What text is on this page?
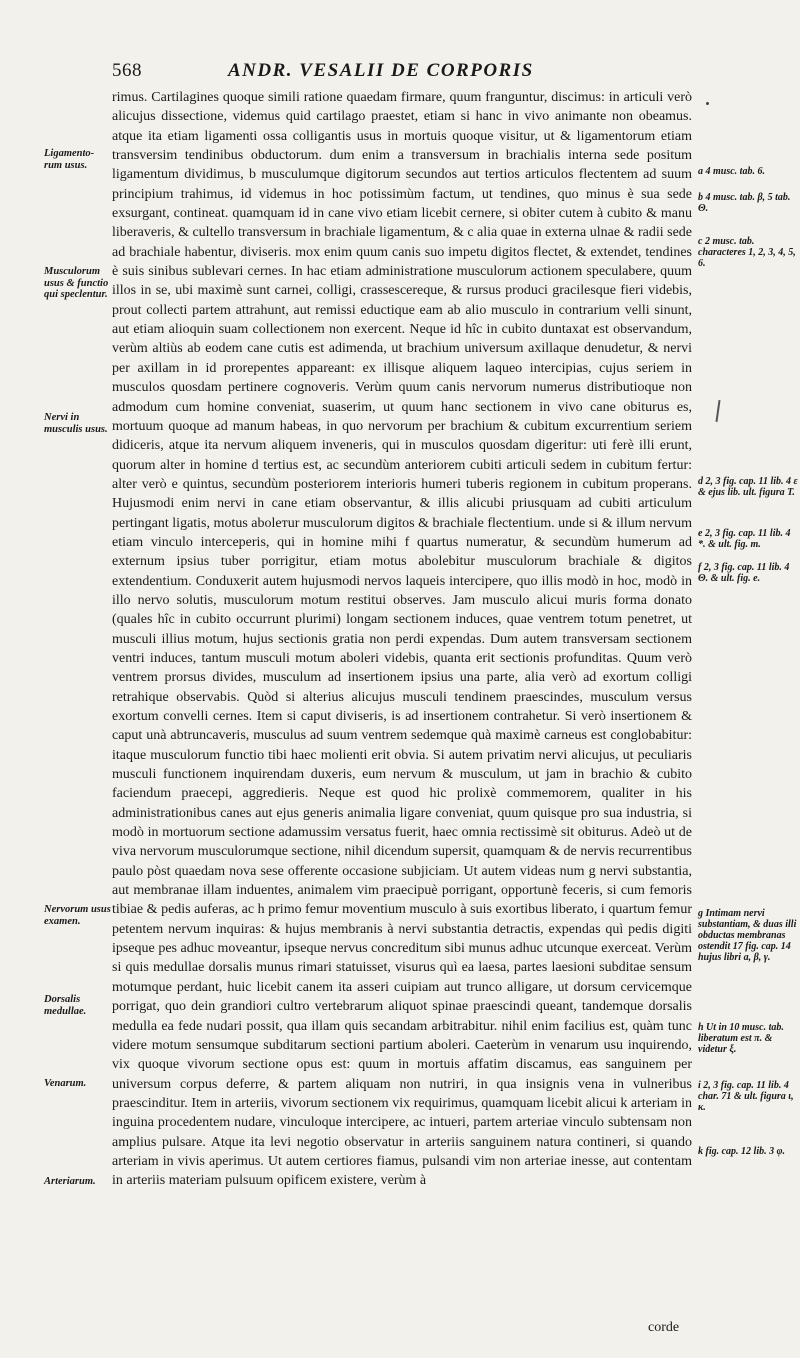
568	ANDR. VESALII DE CORPORIS

rimus. Cartilagines quoque simili ratione quaedam firmare, quum franguntur, discimus: in articuli verò alicujus dissectione, videmus quid cartilago praestet, etiam si hanc in vivo animante non obeamus. atque ita etiam ligamenti ossa colligantis usus in mortuis quoque visitur, ut & ligamentorum etiam transversim tendinibus obductorum. dum enim a transversum in brachialis interna sede positum ligamentum dividimus, b musculumque digitorum secundos aut tertios articulos flectentem ad suum principium trahimus, id videmus in hoc potissimùm factum, ut tendines, quo minus è sua sede exsurgant, contineat. quamquam id in cane vivo etiam licebit cernere, si obiter cutem à cubito & manu liberaveris, & cultello transversum in brachiale ligamentum, & c alia quae in externa ulnae & radii sede ad brachiale habentur, diviseris. mox enim quum canis suo impetu digitos flectet, & extendet, tendines è suis sinibus sublevari cernes. In hac etiam administratione musculorum actionem speculabere, quum illos in se, ubi maximè sunt carnei, colligi, crassescereque, & rursus produci gracilesque fieri videbis, prout collecti partem attrahunt, aut remissi eductique eam ab alio musculo in contrarium velli sinunt, aut etiam alioquin suam collectionem non exercent. Neque id hîc in cubito duntaxat est observandum, verùm altiùs ab eodem cane cutis est adimenda, ut brachium universum axillaque denudetur, & nervi per axillam in id prorepentes appareant: ex illisque aliquem laqueo intercipias, cujus seriem in musculos quosdam pertinere cognoveris. Verùm quum canis nervorum numerus distributioque non admodum cum homine conveniat, suaserim, ut quum hanc sectionem in vivo cane obiturus es, mortuum quoque ad manum habeas, in quo nervorum per brachium & cubitum excurrentium seriem didiceris, atque ita nervum aliquem inveneris, qui in musculos quosdam digeritur: uti ferè illi erunt, quorum alter in homine d tertius est, ac secundùm anteriorem cubiti articuli sedem in cubitum fertur: alter verò e quintus, secundùm posteriorem interioris humeri tuberis regionem in cubitum properans. Hujusmodi enim nervi in cane etiam observantur, & illis alicubi priusquam ad cubiti articulum pertingant ligatis, motus abolетur musculorum digitos & brachiale flectentium. unde si & illum nervum etiam vinculo interceperis, qui in homine mihi f quartus numeratur, & secundùm humerum ad externum ipsius tuber porrigitur, etiam motus abolebitur musculorum brachiale & digitos extendentium. Conduxerit autem hujusmodi nervos laqueis intercipere, quo illis modò in hoc, modò in illo nervo solutis, musculorum motum restitui observes. Jam musculo alicui muris forma donato (quales hîc in cubito occurrunt plurimi) longam sectionem induces, quae ventrem totum penetret, ut musculi illius motum, hujus sectionis gratia non perdi expendas. Dum autem transversam sectionem ventri induces, tantum musculi motum aboleri videbis, quanta erit sectionis profunditas. Quum verò ventrem prorsus divides, musculum ad insertionem ipsius una parte, alia verò ad exortum colligi retrahique observabis. Quòd si alterius alicujus musculi tendinem praescindes, musculum versus exortum convelli cernes. Item si caput diviseris, is ad insertionem contrahetur. Si verò insertionem & caput unà abtruncaveris, musculus ad suum ventrem sedemque quà maximè carneus est conglobabitur: itaque musculorum functio tibi haec molienti erit obvia. Si autem privatim nervi alicujus, ut peculiaris musculi functionem inquirendam duxeris, eum nervum & musculum, ut jam in brachio & cubito faciendum praecepi, aggredieris. Neque est quod hic prolixè commemorem, qualiter in his administrationibus canes aut ejus generis animalia ligare conveniat, quum quisque pro sua industria, si modò in mortuorum sectione adamussim versatus fuerit, haec omnia rectissimè sit obiturus. Adeò ut de viva nervorum musculorumque sectione, nihil dicendum supersit, quamquam & de nervis recurrentibus paulo pòst quaedam nova sese offerente occasione subjiciam. Ut autem videas num g nervi substantia, aut membranae illam induentes, animalem vim praecipuè porrigant, opportunè feceris, si cum femoris tibiae & pedis auferas, ac h primo femur moventium musculo à suis exortibus liberato, i quartum femur petentem nervum inquiras: & hujus membranis à nervi substantia detractis, expendas quì pedis digiti ipseque pes adhuc moveantur, ipseque nervus concreditum sibi munus adhuc utcunque exerceat. Verùm si quis medullae dorsalis munus rimari statuisset, visurus quì ea laesa, partes laesioni subditae sensum motumque perdant, huic licebit canem ita asseri cuipiam aut trunco alligare, ut dorsum cervicemque porrigat, quo dein grandiori cultro vertebrarum aliquot spinae praescindi queant, tandemque dorsalis medulla ea fede nudari possit, qua illam quis secandam arbitrabitur. nihil enim facilius est, quàm tunc videre motum sensumque subditarum sectioni partium aboleri. Caeterùm in venarum usu inquirendo, vix quoque vivorum sectione opus est: quum in mortuis affatim discamus, eas sanguinem per universum corpus deferre, & partem aliquam non nutriri, in qua insignis vena in vulneribus praescinditur. Item in arteriis, vivorum sectionem vix requirimus, quamquam licebit alicui k arteriam in inguina procedentem nudare, vinculoque intercipere, ac intueri, partem arteriae vinculo subtensam non amplius pulsare. Atque ita levi negotio observatur in arteriis sanguinem natura contineri, si quando arteriam in vivis aperimus. Ut autem certiores fiamus, pulsandi vim non arteriae inesse, aut contentam in arteriis materiam pulsuum opificem existere, verùm à

Ligamento- rum usus.
Musculorum usus & functio qui speclentur.
Nervi in musculis usus.
Nervorum usus examen.
Dorsalis medullae.
Venarum.
Arteriarum.
a 4 musc. tab. 6.
b 4 musc. tab. β, 5 tab. Θ.
c 2 musc. tab. characteres 1, 2, 3, 4, 5, 6.
d 2, 3 fig. cap. 11 lib. 4 ε & ejus lib. ult. figura T.
e 2, 3 fig. cap. 11 lib. 4 *. & ult. fig. m.
f 2, 3 fig. cap. 11 lib. 4 Θ. & ult. fig. e.
g Intimam nervi substantiam, & duas illi obductas membranas ostendit 17 fig. cap. 14 hujus libri a, β, γ.
h Ut in 10 musc. tab. liberatum est π. & videtur ξ.
i 2, 3 fig. cap. 11 lib. 4 char. 71 & ult. figura ι, κ.
k fig. cap. 12 lib. 3 φ.
corde
